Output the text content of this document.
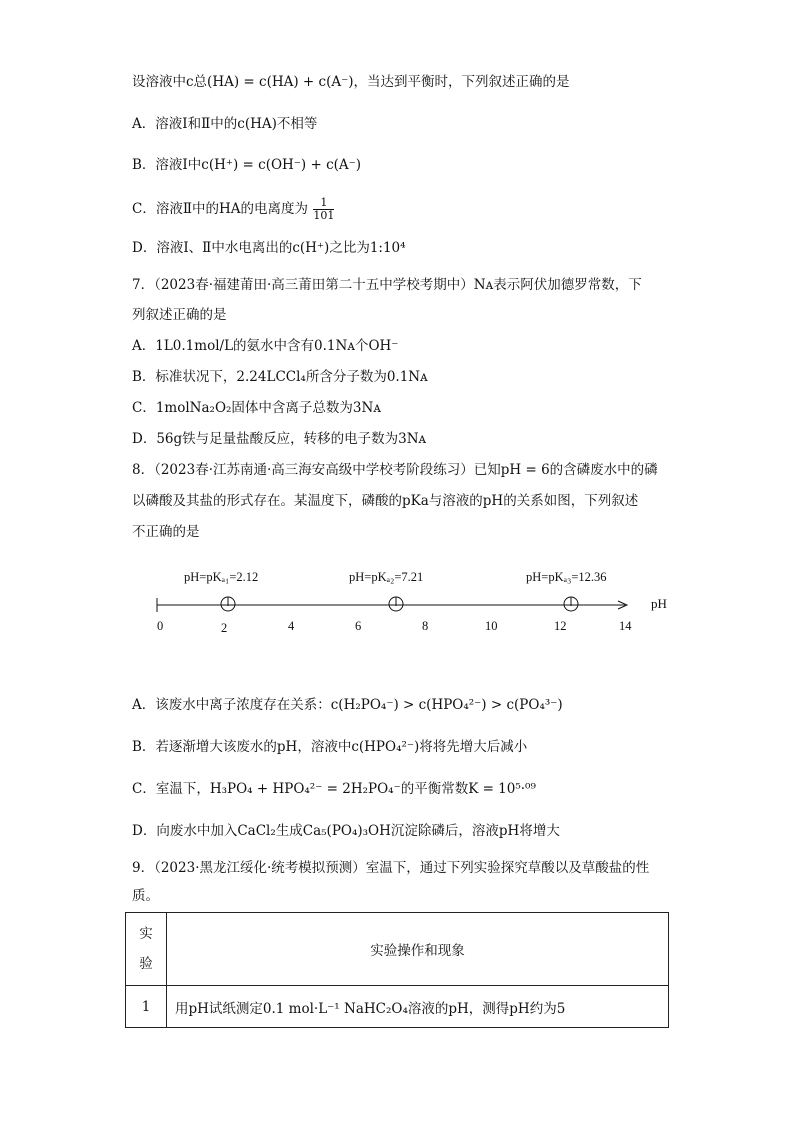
设溶液中c总(HA) = c(HA) + c(A⁻)，当达到平衡时，下列叙述正确的是
A．溶液Ⅰ和Ⅱ中的c(HA)不相等
B．溶液Ⅰ中c(H⁺) = c(OH⁻) + c(A⁻)
C．溶液Ⅱ中的HA的电离度为 $\frac{1}{101}$
D．溶液Ⅰ、Ⅱ中水电离出的c(H⁺)之比为1:10⁴
7．（2023春·福建莆田·高三莆田第二十五中学校考期中）Nᴀ表示阿伏加德罗常数，下
列叙述正确的是
A．1L0.1mol/L的氨水中含有0.1Nᴀ个OH⁻
B．标准状况下，2.24LCCl₄所含分子数为0.1Nᴀ
C．1molNa₂O₂固体中含离子总数为3Nᴀ
D．56g铁与足量盐酸反应，转移的电子数为3Nᴀ
8．（2023春·江苏南通·高三海安高级中学校考阶段练习）已知pH = 6的含磷废水中的磷
以磷酸及其盐的形式存在。某温度下，磷酸的pKa与溶液的pH的关系如图，下列叙述
不正确的是
pH=pKₐ₁=2.12	pH=pKₐ₂=7.21	pH=pKₐ₃=12.36
0	2	4	6	8	10	12	14
pH
A．该废水中离子浓度存在关系：c(H₂PO₄⁻) > c(HPO₄²⁻) > c(PO₄³⁻)
B．若逐渐增大该废水的pH，溶液中c(HPO₄²⁻)将将先增大后减小
C．室温下，H₃PO₄ + HPO₄²⁻ = 2H₂PO₄⁻的平衡常数K = 10⁵·⁰⁹
D．向废水中加入CaCl₂生成Ca₅(PO₄)₃OH沉淀除磷后，溶液pH将增大
9．（2023·黑龙江绥化·统考模拟预测）室温下，通过下列实验探究草酸以及草酸盐的性
质。
实
验	实验操作和现象
1	用pH试纸测定0.1 mol·L⁻¹ NaHC₂O₄溶液的pH，测得pH约为5
